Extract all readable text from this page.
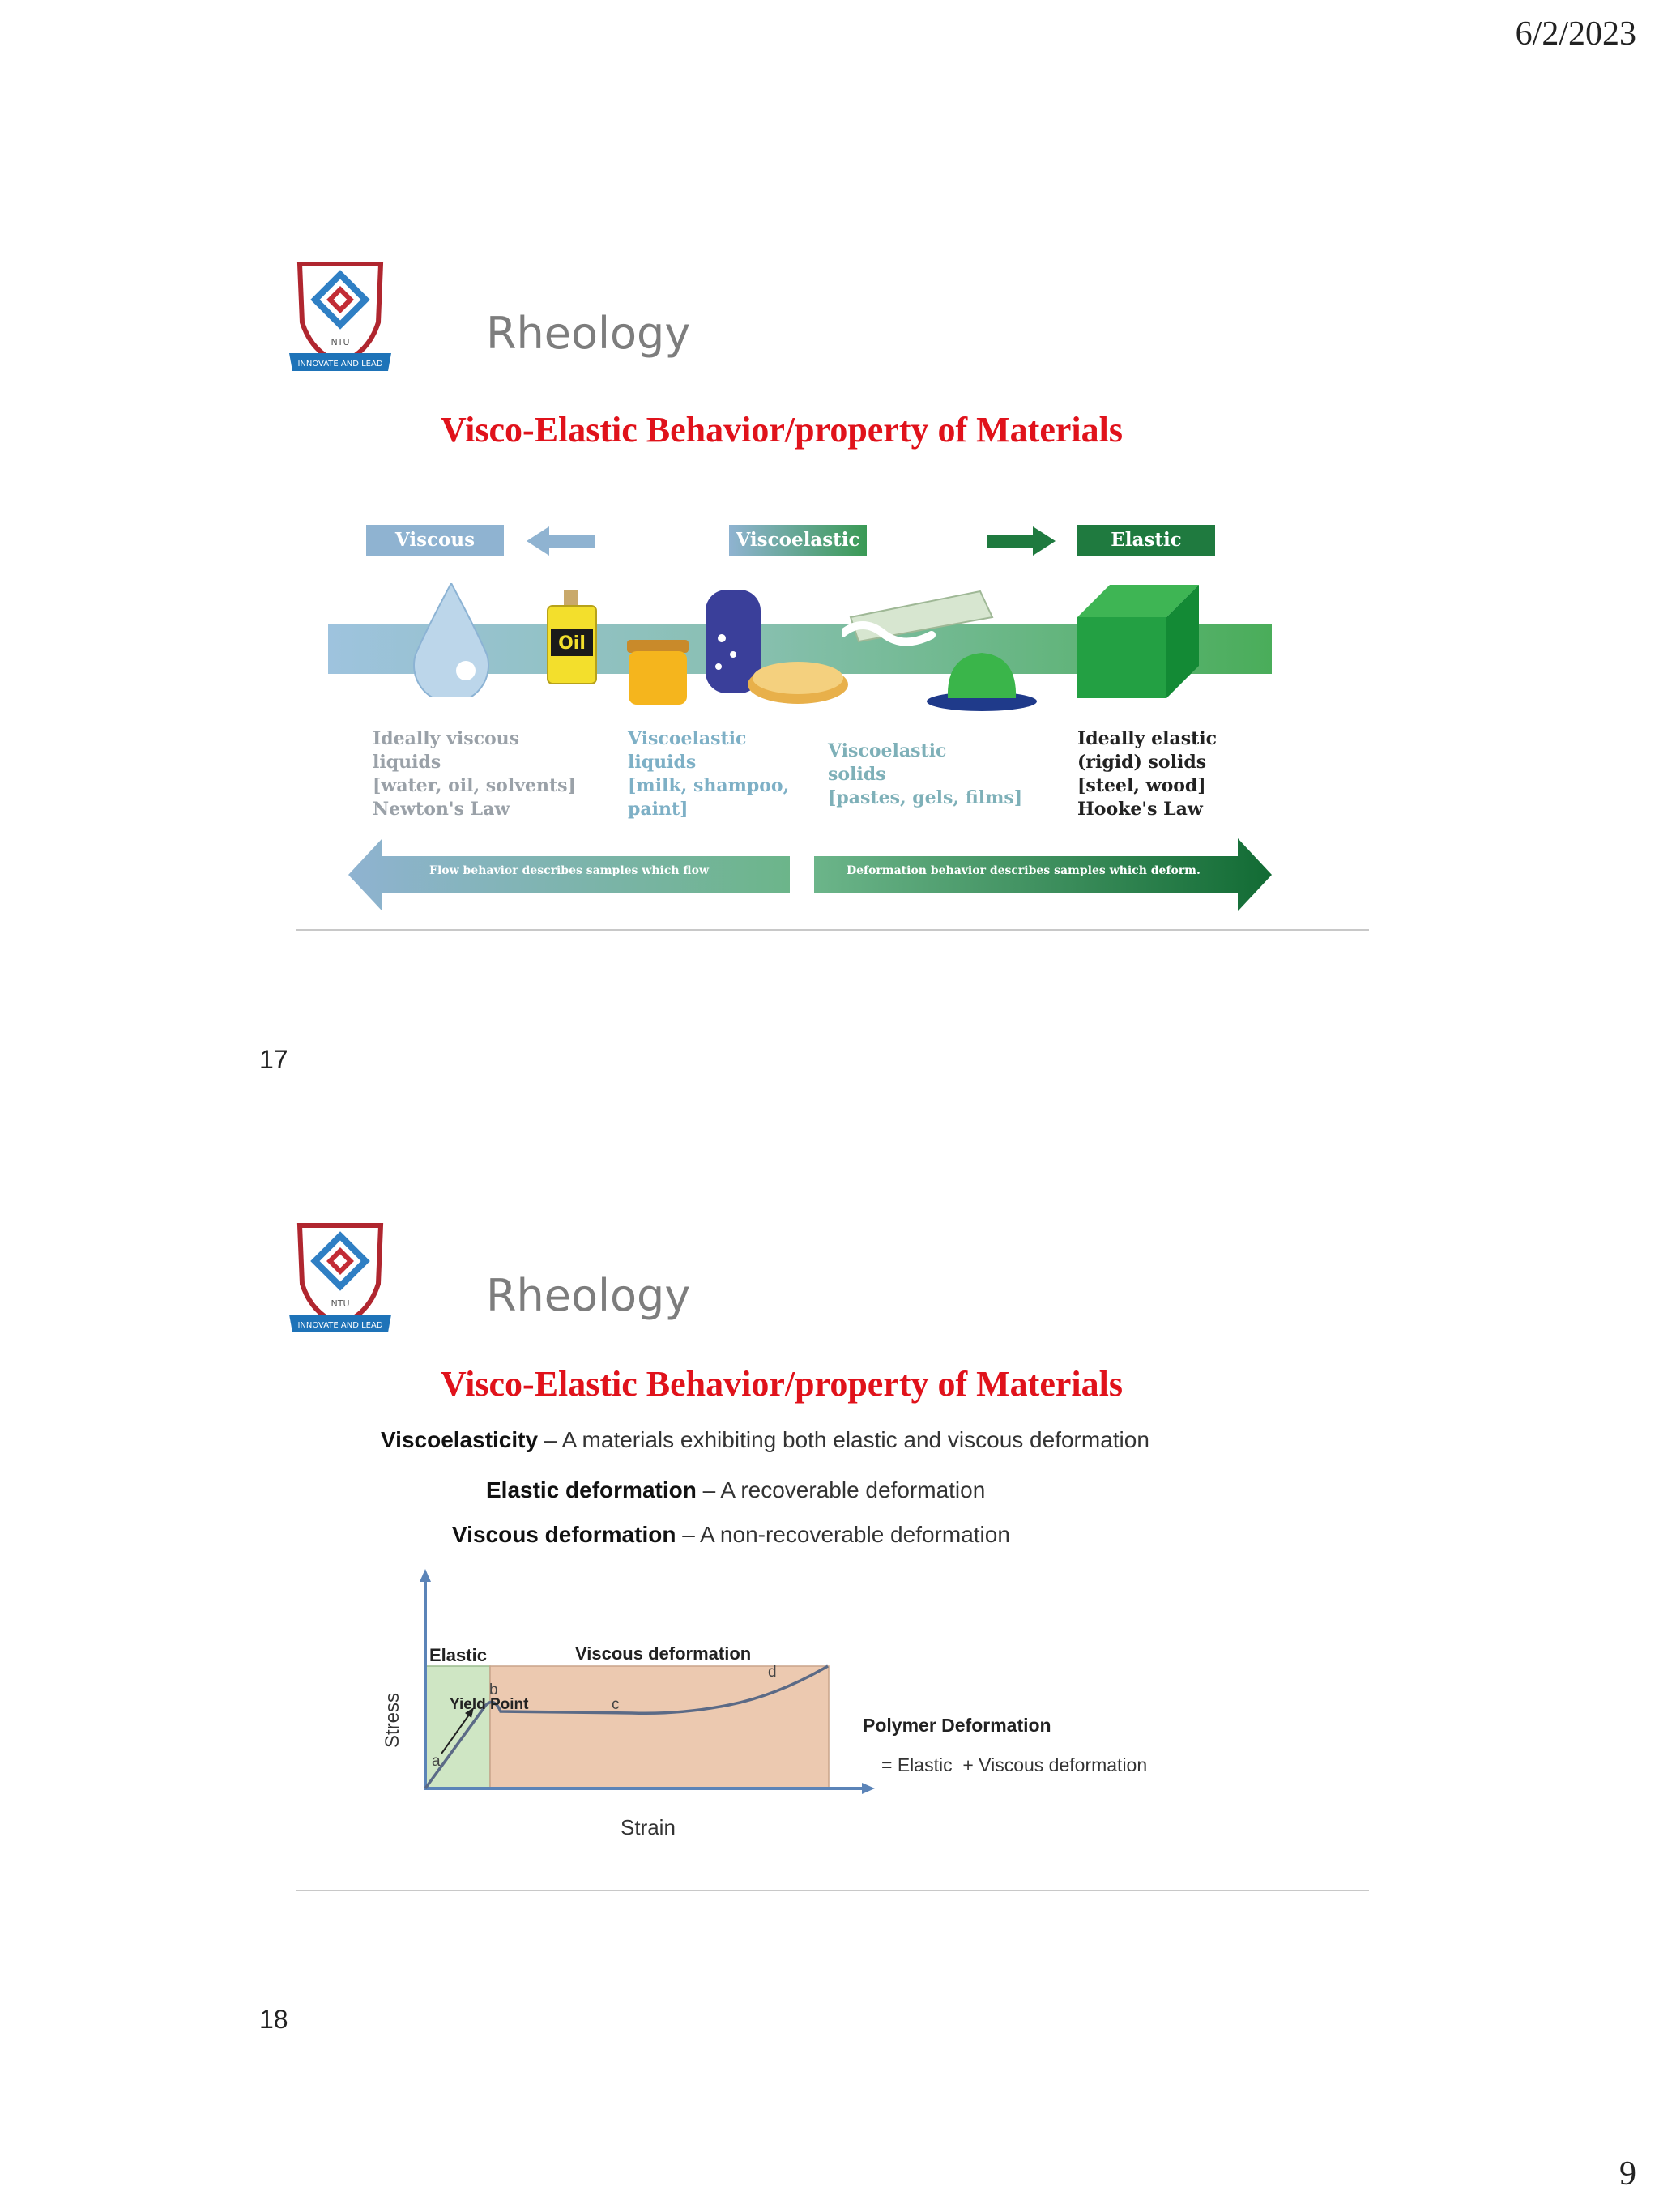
6/2/2023
9
NTU
INNOVATE AND LEAD
Rheology
Visco-Elastic Behavior/property of Materials
Viscous	Viscoelastic	Elastic
Oil
Ideally viscous
liquids
[water, oil, solvents]
Newton's Law
Viscoelastic
liquids
[milk, shampoo,
paint]
Viscoelastic
solids
[pastes, gels, films]
Ideally elastic
(rigid) solids
[steel, wood]
Hooke's Law
Flow behavior describes samples which flow	Deformation behavior describes samples which deform.
17
NTU
INNOVATE AND LEAD
Rheology
Visco-Elastic Behavior/property of Materials
Viscoelasticity – A materials exhibiting both elastic and viscous deformation
Elastic deformation – A recoverable deformation
Viscous deformation – A non-recoverable deformation
Elastic	Viscous deformation
Yield Point
a
b
c
d
Stress
Strain
Polymer Deformation
= Elastic  + Viscous deformation
18
